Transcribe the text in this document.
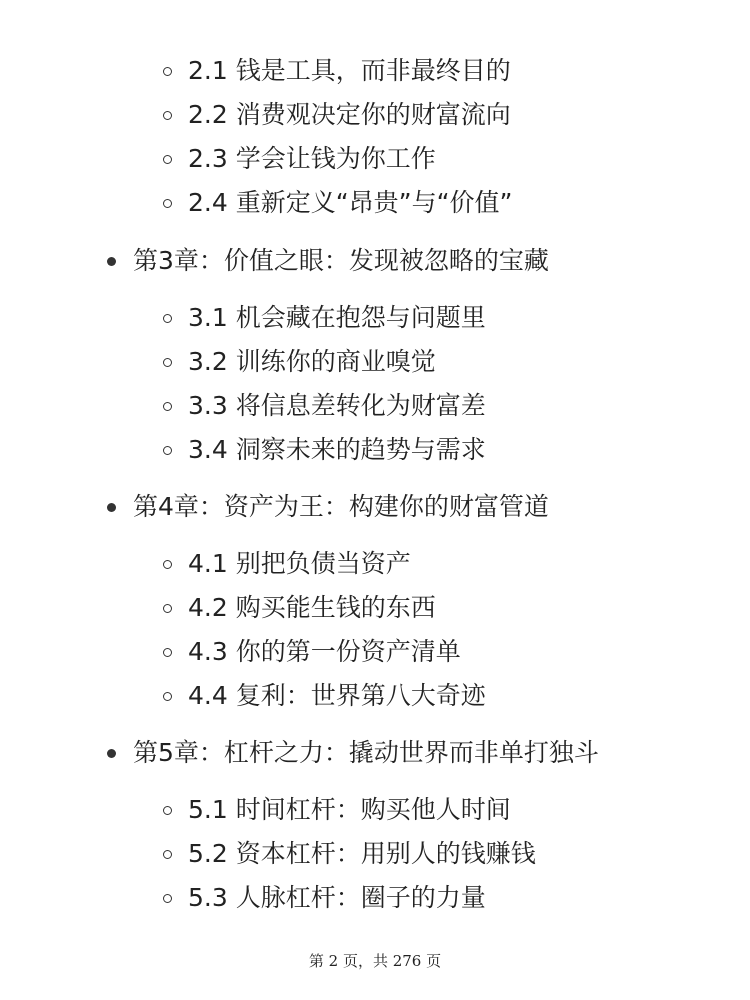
2.1 钱是工具，而非最终目的
2.2 消费观决定你的财富流向
2.3 学会让钱为你工作
2.4 重新定义“昂贵”与“价值”
第3章：价值之眼：发现被忽略的宝藏
3.1 机会藏在抱怨与问题里
3.2 训练你的商业嗅觉
3.3 将信息差转化为财富差
3.4 洞察未来的趋势与需求
第4章：资产为王：构建你的财富管道
4.1 别把负债当资产
4.2 购买能生钱的东西
4.3 你的第一份资产清单
4.4 复利：世界第八大奇迹
第5章：杠杆之力：撬动世界而非单打独斗
5.1 时间杠杆：购买他人时间
5.2 资本杠杆：用别人的钱赚钱
5.3 人脉杠杆：圈子的力量
第 2 页，共 276 页
